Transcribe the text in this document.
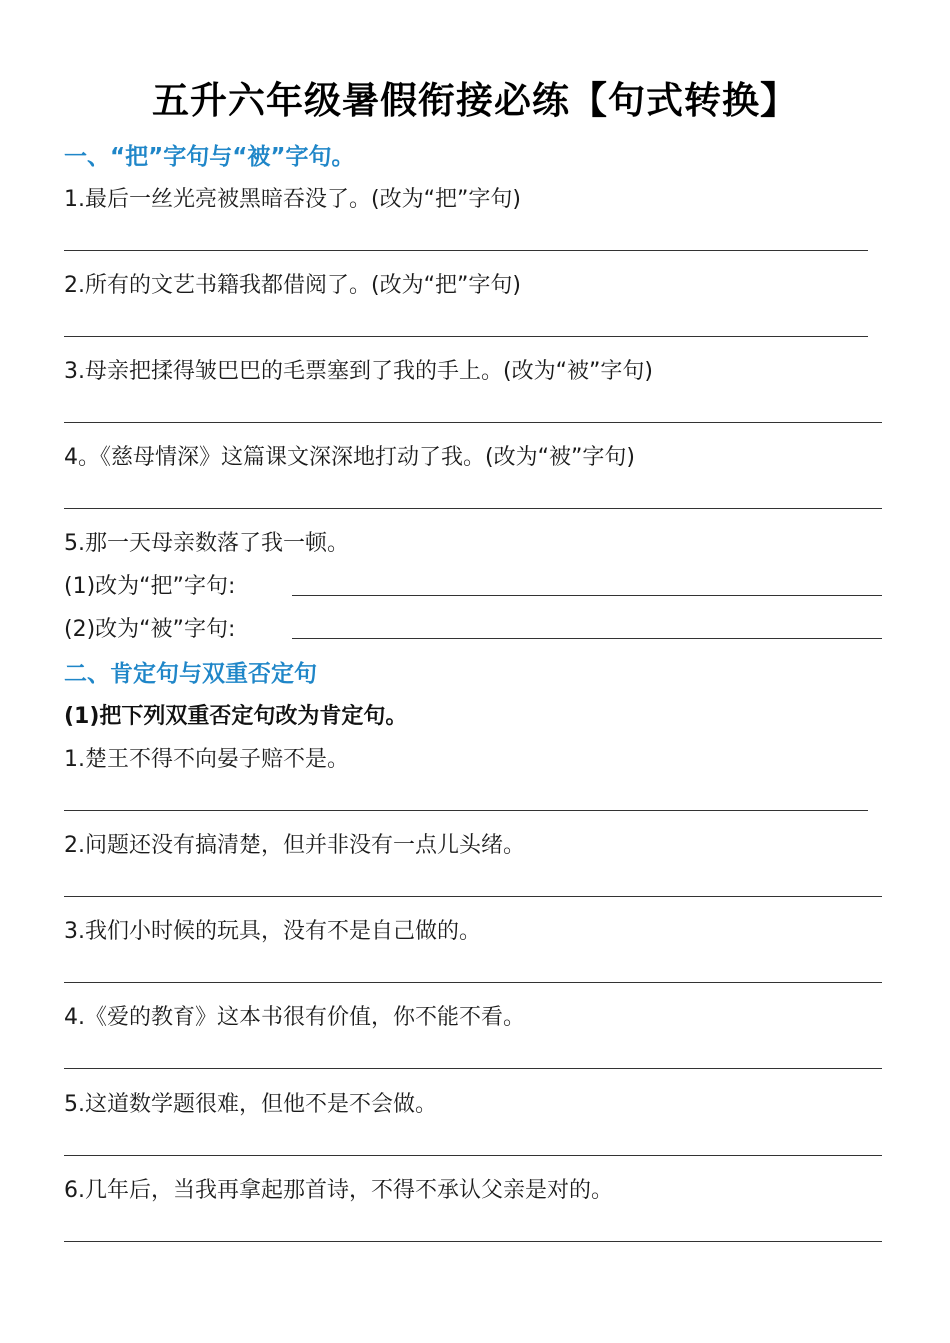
五升六年级暑假衔接必练【句式转换】
一、“把”字句与“被”字句。
1.最后一丝光亮被黑暗吞没了。(改为“把”字句)
2.所有的文艺书籍我都借阅了。(改为“把”字句)
3.母亲把揉得皱巴巴的毛票塞到了我的手上。(改为“被”字句)
4。《慈母情深》这篇课文深深地打动了我。(改为“被”字句)
5.那一天母亲数落了我一顿。
(1)改为“把”字句:
(2)改为“被”字句:
二、肯定句与双重否定句
(1)把下列双重否定句改为肯定句。
1.楚王不得不向晏子赔不是。
2.问题还没有搞清楚，但并非没有一点儿头绪。
3.我们小时候的玩具，没有不是自己做的。
4.《爱的教育》这本书很有价值，你不能不看。
5.这道数学题很难，但他不是不会做。
6.几年后，当我再拿起那首诗，不得不承认父亲是对的。
